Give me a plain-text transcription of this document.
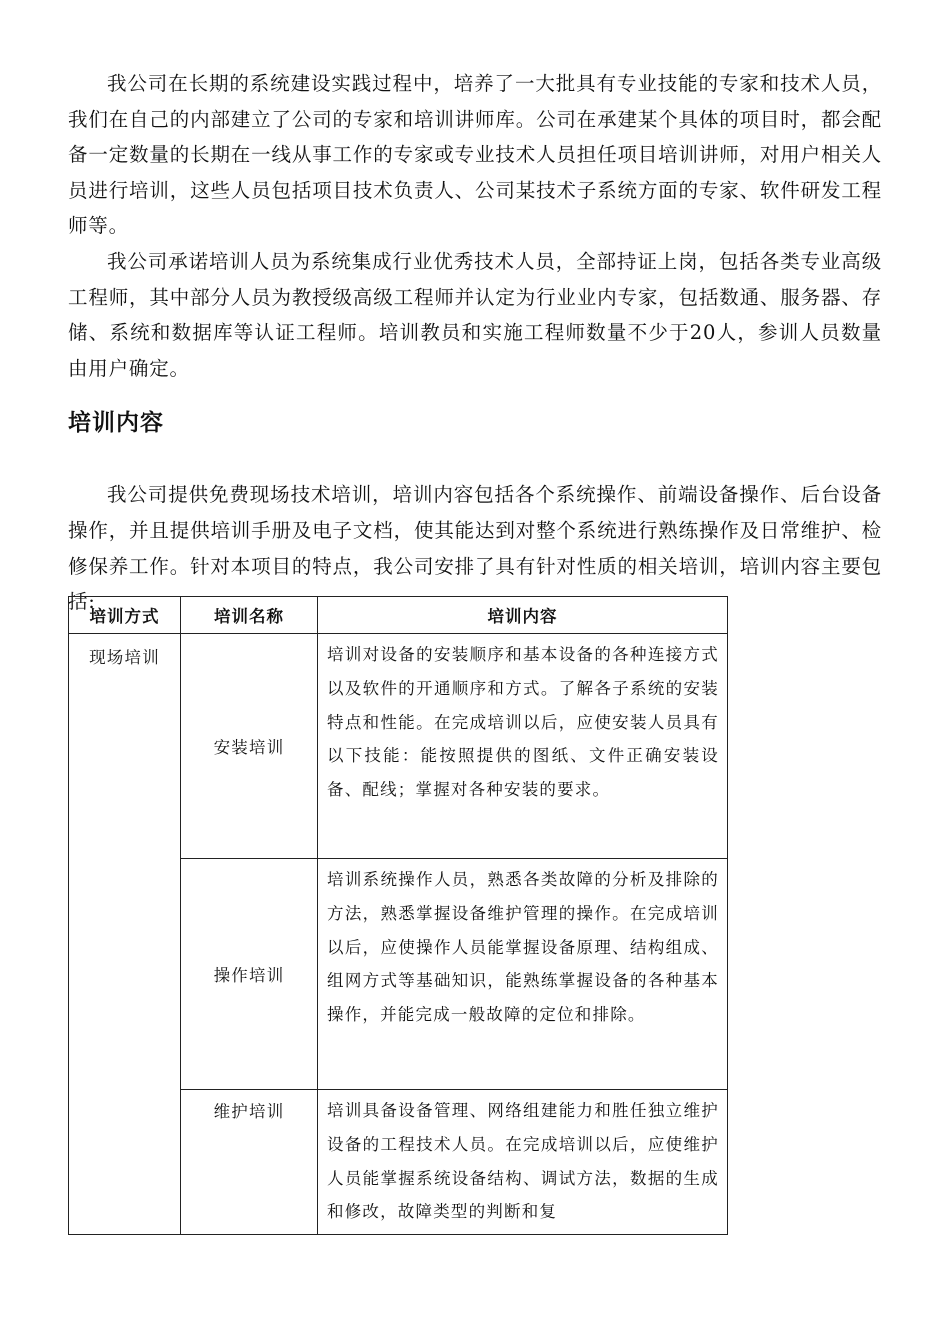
我公司在长期的系统建设实践过程中，培养了一大批具有专业技能的专家和技术人员，我们在自己的内部建立了公司的专家和培训讲师库。公司在承建某个具体的项目时，都会配备一定数量的长期在一线从事工作的专家或专业技术人员担任项目培训讲师，对用户相关人员进行培训，这些人员包括项目技术负责人、公司某技术子系统方面的专家、软件研发工程师等。

我公司承诺培训人员为系统集成行业优秀技术人员，全部持证上岗，包括各类专业高级工程师，其中部分人员为教授级高级工程师并认定为行业业内专家，包括数通、服务器、存储、系统和数据库等认证工程师。培训教员和实施工程师数量不少于20人，参训人员数量由用户确定。

培训内容

我公司提供免费现场技术培训，培训内容包括各个系统操作、前端设备操作、后台设备操作，并且提供培训手册及电子文档，使其能达到对整个系统进行熟练操作及日常维护、检修保养工作。针对本项目的特点，我公司安排了具有针对性质的相关培训，培训内容主要包括:

培训方式	培训名称	培训内容
现场培训	安装培训	培训对设备的安装顺序和基本设备的各种连接方式以及软件的开通顺序和方式。了解各子系统的安装特点和性能。在完成培训以后，应使安装人员具有以下技能：能按照提供的图纸、文件正确安装设备、配线；掌握对各种安装的要求。
	操作培训	培训系统操作人员，熟悉各类故障的分析及排除的方法，熟悉掌握设备维护管理的操作。在完成培训以后，应使操作人员能掌握设备原理、结构组成、组网方式等基础知识，能熟练掌握设备的各种基本操作，并能完成一般故障的定位和排除。
	维护培训	培训具备设备管理、网络组建能力和胜任独立维护设备的工程技术人员。在完成培训以后，应使维护人员能掌握系统设备结构、调试方法，数据的生成和修改，故障类型的判断和复
